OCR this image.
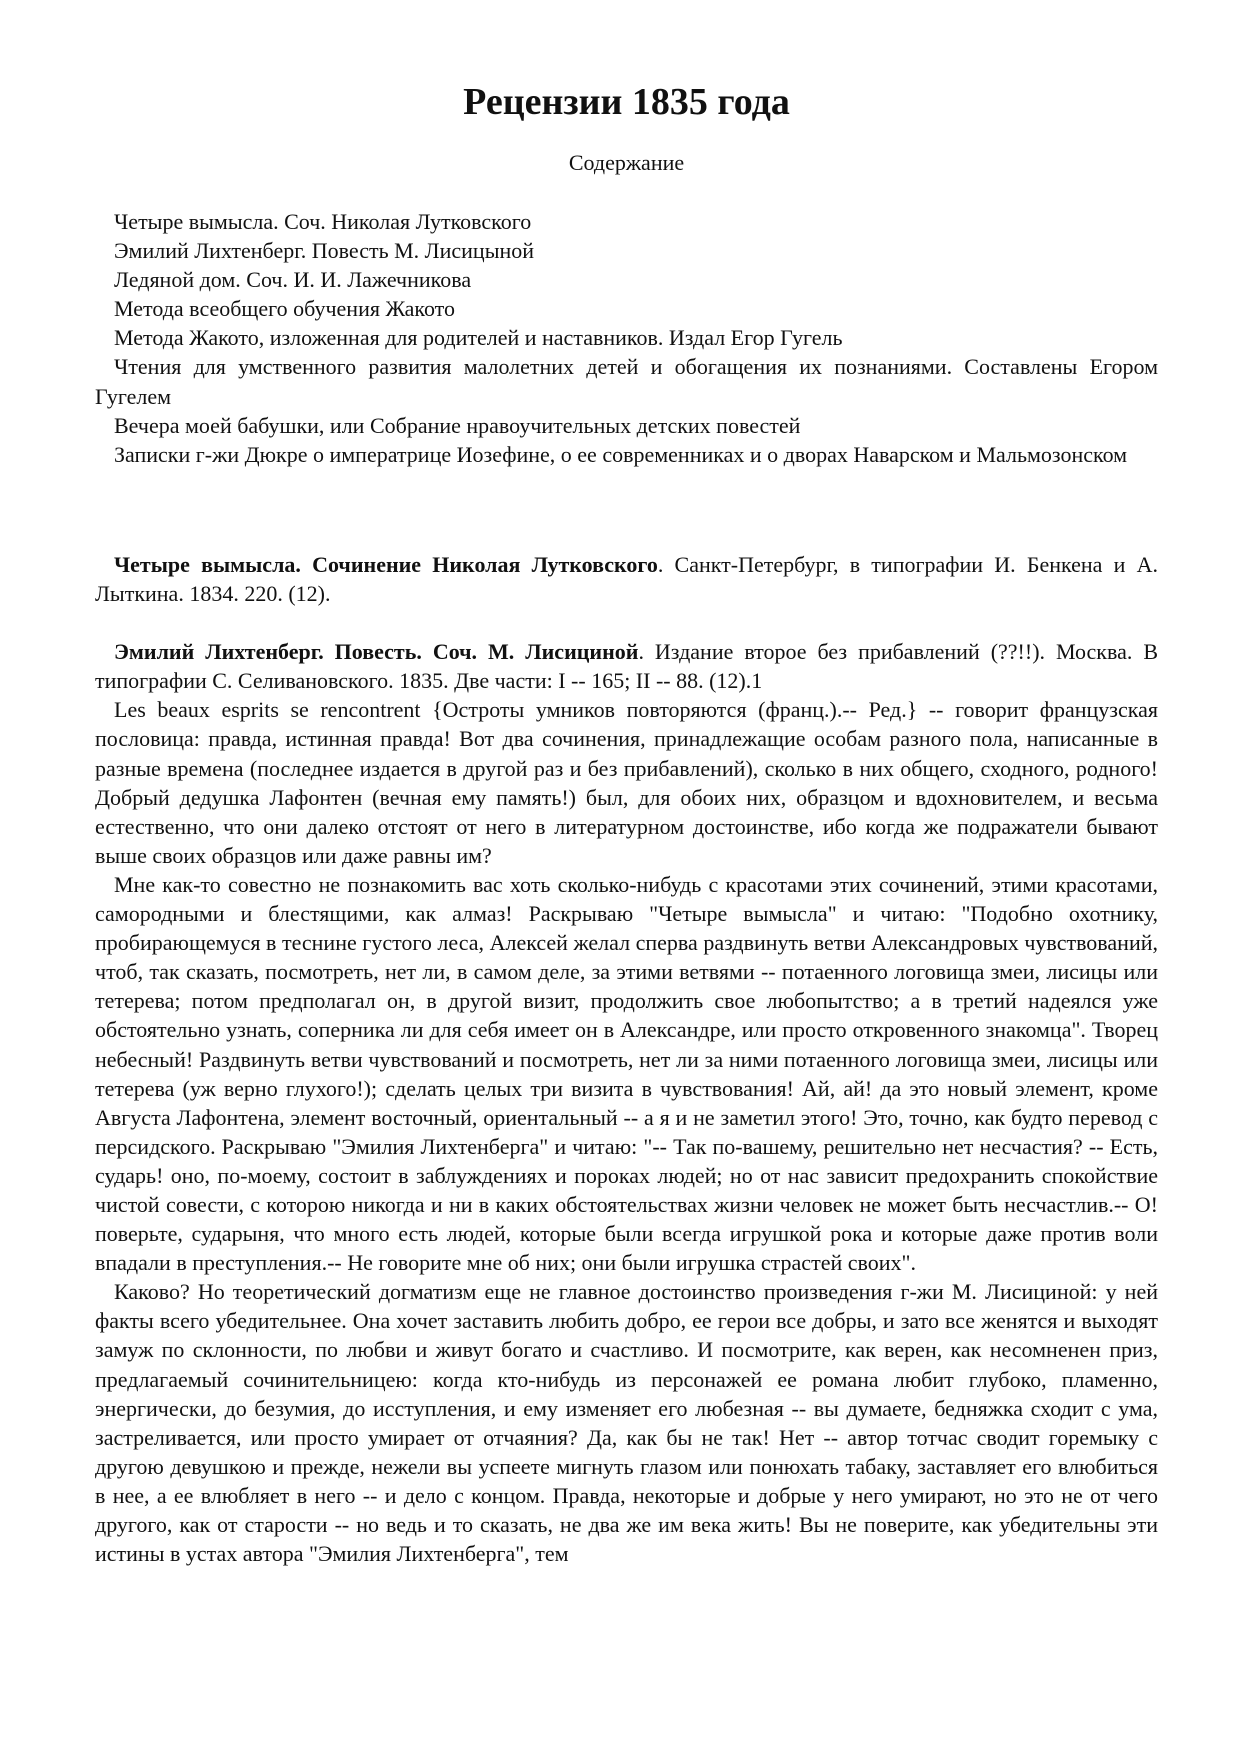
Рецензии 1835 года
Содержание

Четыре вымысла. Соч. Николая Лутковского

Эмилий Лихтенберг. Повесть М. Лисицыной

Ледяной дом. Соч. И. И. Лажечникова

Метода всеобщего обучения Жакото

Метода Жакото, изложенная для родителей и наставников. Издал Егор Гугель

Чтения для умственного развития малолетних детей и обогащения их познаниями. Составлены Егором Гугелем

Вечера моей бабушки, или Собрание нравоучительных детских повестей

Записки г-жи Дюкре о императрице Иозефине, о ее современниках и о дворах Наварском и Мальмозонском

Четыре вымысла. Сочинение Николая Лутковского. Санкт-Петербург, в типографии И. Бенкена и А. Лыткина. 1834. 220. (12).

Эмилий Лихтенберг. Повесть. Соч. М. Лисициной. Издание второе без прибавлений (??!!). Москва. В типографии С. Селивановского. 1835. Две части: I -- 165; II -- 88. (12).1

Les beaux esprits se rencontrent {Остроты умников повторяются (франц.).-- Ред.} -- говорит французская пословица: правда, истинная правда! Вот два сочинения, принадлежащие особам разного пола, написанные в разные времена (последнее издается в другой раз и без прибавлений), сколько в них общего, сходного, родного! Добрый дедушка Лафонтен (вечная ему память!) был, для обоих них, образцом и вдохновителем, и весьма естественно, что они далеко отстоят от него в литературном достоинстве, ибо когда же подражатели бывают выше своих образцов или даже равны им?

Мне как-то совестно не познакомить вас хоть сколько-нибудь с красотами этих сочинений, этими красотами, самородными и блестящими, как алмаз! Раскрываю "Четыре вымысла" и читаю: "Подобно охотнику, пробирающемуся в теснине густого леса, Алексей желал сперва раздвинуть ветви Александровых чувствований, чтоб, так сказать, посмотреть, нет ли, в самом деле, за этими ветвями -- потаенного логовища змеи, лисицы или тетерева; потом предполагал он, в другой визит, продолжить свое любопытство; а в третий надеялся уже обстоятельно узнать, соперника ли для себя имеет он в Александре, или просто откровенного знакомца". Творец небесный! Раздвинуть ветви чувствований и посмотреть, нет ли за ними потаенного логовища змеи, лисицы или тетерева (уж верно глухого!); сделать целых три визита в чувствования! Ай, ай! да это новый элемент, кроме Августа Лафонтена, элемент восточный, ориентальный -- а я и не заметил этого! Это, точно, как будто перевод с персидского. Раскрываю "Эмилия Лихтенберга" и читаю: "-- Так по-вашему, решительно нет несчастия? -- Есть, сударь! оно, по-моему, состоит в заблуждениях и пороках людей; но от нас зависит предохранить спокойствие чистой совести, с которою никогда и ни в каких обстоятельствах жизни человек не может быть несчастлив.-- О! поверьте, сударыня, что много есть людей, которые были всегда игрушкой рока и которые даже против воли впадали в преступления.-- Не говорите мне об них; они были игрушка страстей своих".

Каково? Но теоретический догматизм еще не главное достоинство произведения г-жи М. Лисициной: у ней факты всего убедительнее. Она хочет заставить любить добро, ее герои все добры, и зато все женятся и выходят замуж по склонности, по любви и живут богато и счастливо. И посмотрите, как верен, как несомненен приз, предлагаемый сочинительницею: когда кто-нибудь из персонажей ее романа любит глубоко, пламенно, энергически, до безумия, до исступления, и ему изменяет его любезная -- вы думаете, бедняжка сходит с ума, застреливается, или просто умирает от отчаяния? Да, как бы не так! Нет -- автор тотчас сводит горемыку с другою девушкою и прежде, нежели вы успеете мигнуть глазом или понюхать табаку, заставляет его влюбиться в нее, а ее влюбляет в него -- и дело с концом. Правда, некоторые и добрые у него умирают, но это не от чего другого, как от старости -- но ведь и то сказать, не два же им века жить! Вы не поверите, как убедительны эти истины в устах автора "Эмилия Лихтенберга", тем
